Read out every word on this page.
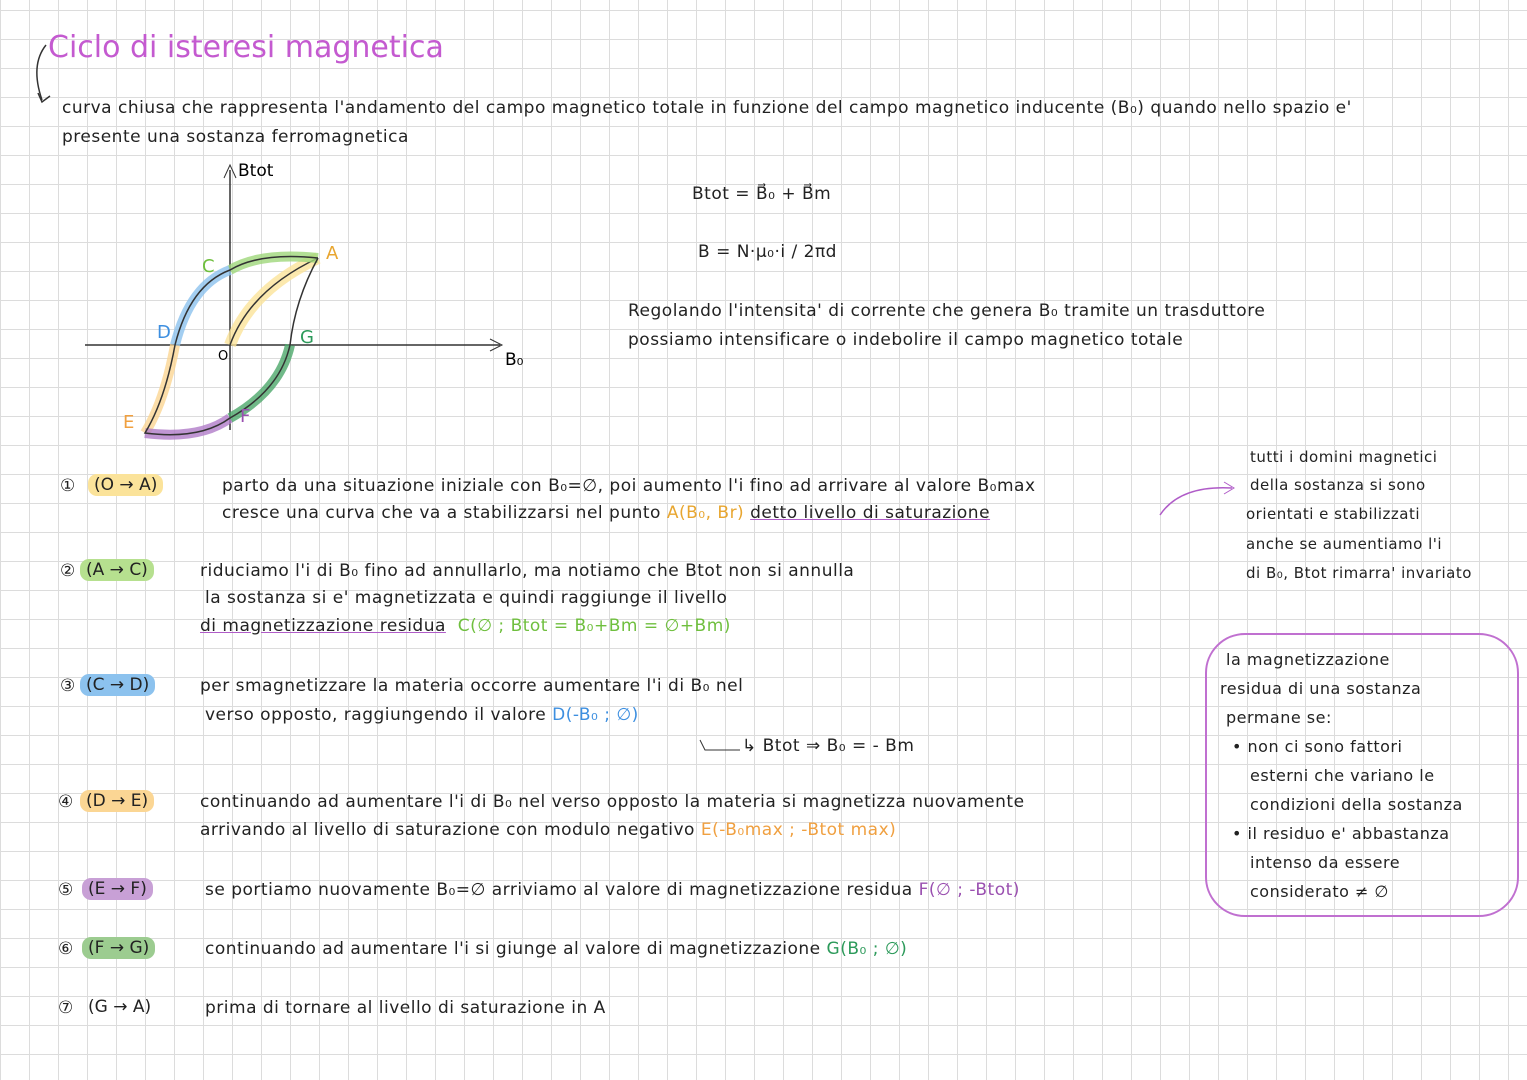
Ciclo di isteresi magnetica
Btot
B₀
O
A
C
D
E	F
G
curva chiusa che rappresenta l'andamento del campo magnetico totale in funzione del campo magnetico inducente (B₀) quando nello spazio e'
presente una sostanza ferromagnetica
Btot = B⃗₀ + B⃗m
B = N·μ₀·i / 2πd
Regolando l'intensita' di corrente che genera B₀ tramite un trasduttore
possiamo intensificare o indebolire il campo magnetico totale
①	(O → A)	parto da una situazione iniziale con B₀=∅, poi aumento l'i fino ad arrivare al valore B₀max
cresce una curva che va a stabilizzarsi nel punto A(B₀, Br) detto livello di saturazione
② (A → C)	riduciamo l'i di B₀ fino ad annullarlo, ma notiamo che Btot non si annulla
la sostanza si e' magnetizzata e quindi raggiunge il livello
di magnetizzazione residua C(∅ ; Btot = B₀+Bm = ∅+Bm)
③ (C → D)	per smagnetizzare la materia occorre aumentare l'i di B₀ nel
verso opposto, raggiungendo il valore D(-B₀ ; ∅)
↳ Btot ⇒ B₀ = - Bm
④ (D → E)	continuando ad aumentare l'i di B₀ nel verso opposto la materia si magnetizza nuovamente
arrivando al livello di saturazione con modulo negativo E(-B₀max ; -Btot max)
⑤ (E → F)	se portiamo nuovamente B₀=∅ arriviamo al valore di magnetizzazione residua F(∅ ; -Btot)
⑥ (F → G)	continuando ad aumentare l'i si giunge al valore di magnetizzazione G(B₀ ; ∅)
⑦ (G → A)	prima di tornare al livello di saturazione in A
tutti i domini magnetici
della sostanza si sono
orientati e stabilizzati
anche se aumentiamo l'i
di B₀, Btot rimarra' invariato
la magnetizzazione
residua di una sostanza
permane se:
• non ci sono fattori
esterni che variano le
condizioni della sostanza
• il residuo e' abbastanza
intenso da essere
considerato ≠ ∅
